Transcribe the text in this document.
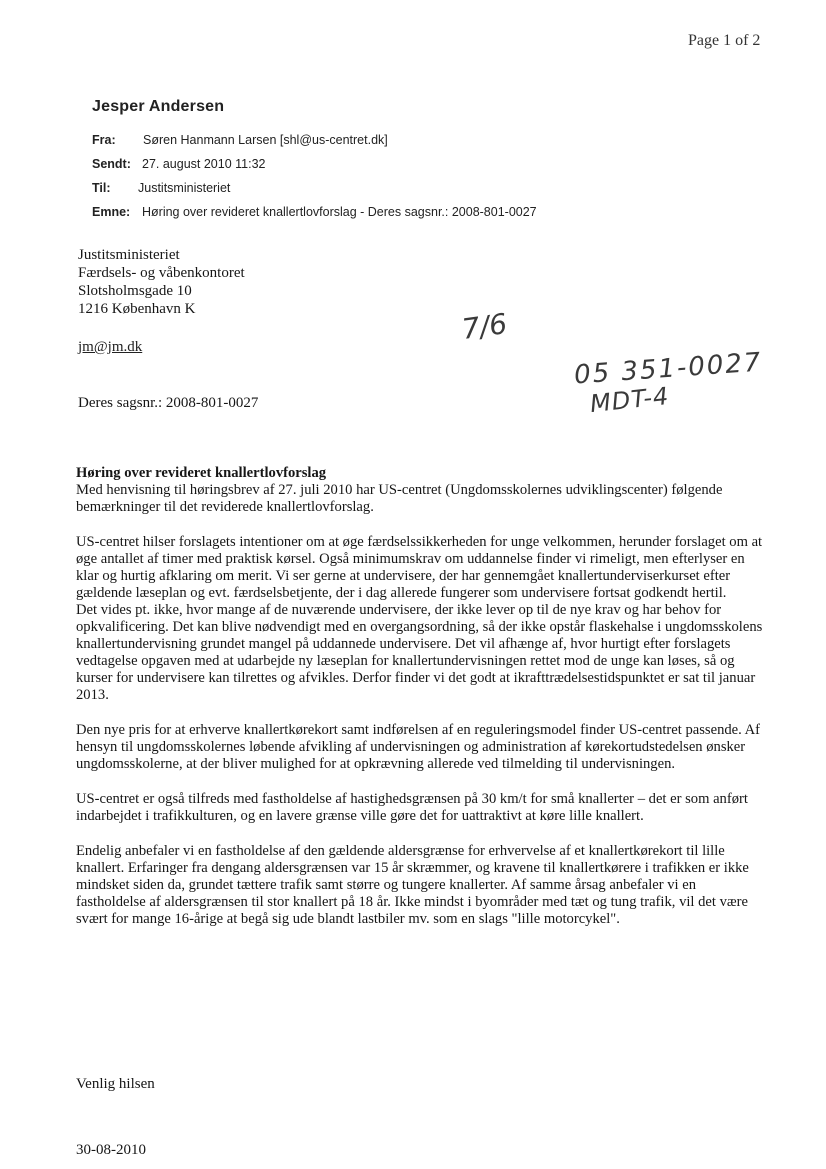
Page 1 of 2
Jesper Andersen
Fra: Søren Hanmann Larsen [shl@us-centret.dk]
Sendt: 27. august 2010 11:32
Til: Justitsministeriet
Emne: Høring over revideret knallertlovforslag - Deres sagsnr.: 2008-801-0027
Justitsministeriet
Færdsels- og våbenkontoret
Slotsholmsgade 10
1216 København K
jm@jm.dk
7/6
05 351-0027
MDT-4
Deres sagsnr.: 2008-801-0027
Høring over revideret knallertlovforslag

Med henvisning til høringsbrev af 27. juli 2010 har US-centret (Ungdomsskolernes udviklingscenter) følgende bemærkninger til det reviderede knallertlovforslag.

US-centret hilser forslagets intentioner om at øge færdselssikkerheden for unge velkommen, herunder forslaget om at øge antallet af timer med praktisk kørsel. Også minimumskrav om uddannelse finder vi rimeligt, men efterlyser en klar og hurtig afklaring om merit. Vi ser gerne at undervisere, der har gennemgået knallertunderviserkurset efter gældende læseplan og evt. færdselsbetjente, der i dag allerede fungerer som undervisere fortsat godkendt hertil.

Det vides pt. ikke, hvor mange af de nuværende undervisere, der ikke lever op til de nye krav og har behov for opkvalificering. Det kan blive nødvendigt med en overgangsordning, så der ikke opstår flaskehalse i ungdomsskolens knallertundervisning grundet mangel på uddannede undervisere. Det vil afhænge af, hvor hurtigt efter forslagets vedtagelse opgaven med at udarbejde ny læseplan for knallertundervisningen rettet mod de unge kan løses, så og kurser for undervisere kan tilrettes og afvikles. Derfor finder vi det godt at ikrafttrædelsestidspunktet er sat til januar 2013.

Den nye pris for at erhverve knallertkørekort samt indførelsen af en reguleringsmodel finder US-centret passende. Af hensyn til ungdomsskolernes løbende afvikling af undervisningen og administration af kørekortudstedelsen ønsker ungdomsskolerne, at der bliver mulighed for at opkrævning allerede ved tilmelding til undervisningen.

US-centret er også tilfreds med fastholdelse af hastighedsgrænsen på 30 km/t for små knallerter – det er som anført indarbejdet i trafikkulturen, og en lavere grænse ville gøre det for uattraktivt at køre lille knallert.

Endelig anbefaler vi en fastholdelse af den gældende aldersgrænse for erhvervelse af et knallertkørekort til lille knallert. Erfaringer fra dengang aldersgrænsen var 15 år skræmmer, og kravene til knallertkørere i trafikken er ikke mindsket siden da, grundet tættere trafik samt større og tungere knallerter. Af samme årsag anbefaler vi en fastholdelse af aldersgrænsen til stor knallert på 18 år. Ikke mindst i byområder med tæt og tung trafik, vil det være svært for mange 16-årige at begå sig ude blandt lastbiler mv. som en slags "lille motorcykel".

Venlig hilsen
30-08-2010
